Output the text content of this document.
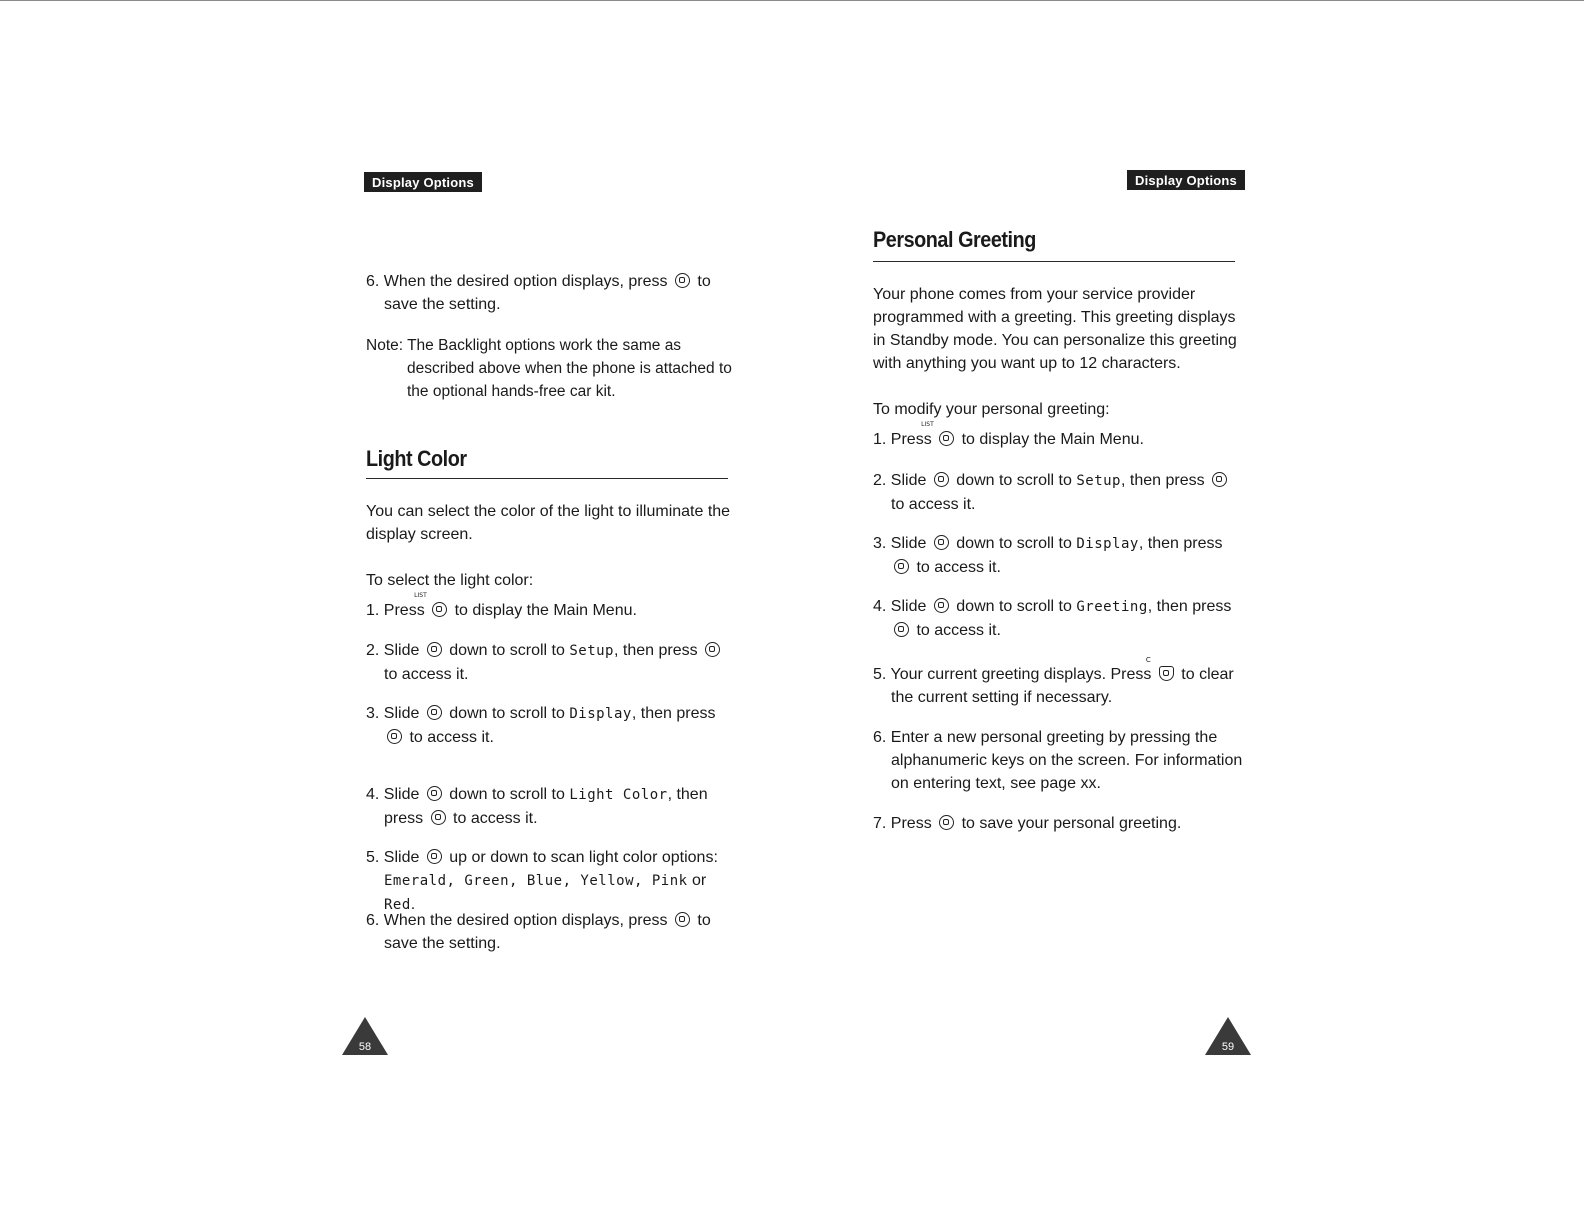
Display Options

6. When the desired option displays, press to save the setting.

Note: The Backlight options work the same as described above when the phone is attached to the optional hands-free car kit.

Light Color
You can select the color of the light to illuminate the display screen.
To select the light color:

1. Press LIST to display the Main Menu.

2. Slide down to scroll to Setup, then press  to access it.

3. Slide down to scroll to Display, then press  to access it.

4. Slide down to scroll to Light Color, then press to access it.

5. Slide up or down to scan light color options: Emerald, Green, Blue, Yellow, Pink or Red.

6. When the desired option displays, press to save the setting.

58
Display Options
Personal Greeting
Your phone comes from your service provider programmed with a greeting. This greeting displays in Standby mode. You can personalize this greeting with anything you want up to 12 characters.
To modify your personal greeting:

1. Press LIST to display the Main Menu.

2. Slide down to scroll to Setup, then press  to access it.

3. Slide down to scroll to Display, then press  to access it.

4. Slide down to scroll to Greeting, then press  to access it.

5. Your current greeting displays. Press C to clear the current setting if necessary.

6. Enter a new personal greeting by pressing the alphanumeric keys on the screen. For information on entering text, see page xx.

7. Press to save your personal greeting.

59
